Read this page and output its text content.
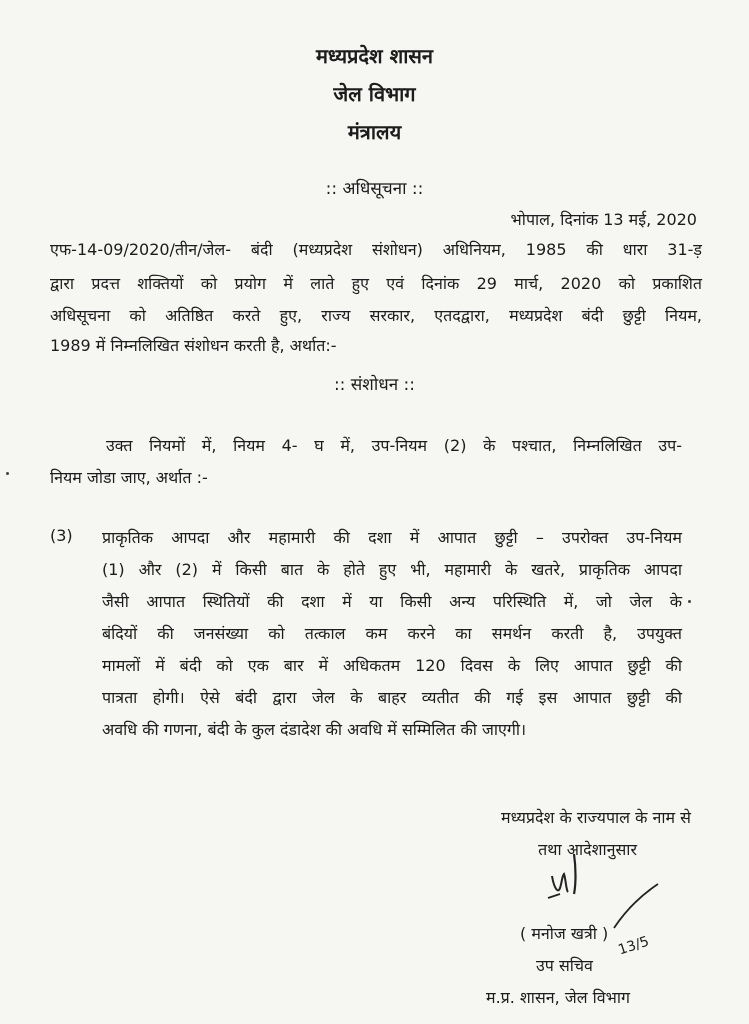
मध्यप्रदेश शासन
जेल विभाग
मंत्रालय
:: अधिसूचना ::
भोपाल, दिनांक 13 मई, 2020
एफ-14-09/2020/तीन/जेल- बंदी (मध्यप्रदेश संशोधन) अधिनियम, 1985 की धारा 31-ड़
द्वारा प्रदत्त शक्तियों को प्रयोग में लाते हुए एवं दिनांक 29 मार्च, 2020 को प्रकाशित
अधिसूचना को अतिष्ठित करते हुए, राज्य सरकार, एतदद्वारा, मध्यप्रदेश बंदी छुट्टी नियम,
1989 में निम्नलिखित संशोधन करती है, अर्थात:-
:: संशोधन ::
उक्त नियमों में, नियम 4- घ में, उप-नियम (2) के पश्चात, निम्नलिखित उप-
नियम जोडा जाए, अर्थात :-
(3) प्राकृतिक आपदा और महामारी की दशा में आपात छुट्टी – उपरोक्त उप-नियम
(1) और (2) में किसी बात के होते हुए भी, महामारी के खतरे, प्राकृतिक आपदा
जैसी आपात स्थितियों की दशा में या किसी अन्य परिस्थिति में, जो जेल के
बंदियों की जनसंख्या को तत्काल कम करने का समर्थन करती है, उपयुक्त
मामलों में बंदी को एक बार में अधिकतम 120 दिवस के लिए आपात छुट्टी की
पात्रता होगी। ऐसे बंदी द्वारा जेल के बाहर व्यतीत की गई इस आपात छुट्टी की
अवधि की गणना, बंदी के कुल दंडादेश की अवधि में सम्मिलित की जाएगी।
मध्यप्रदेश के राज्यपाल के नाम से
तथा आदेशानुसार
( मनोज खत्री )
उप सचिव
13/5
म.प्र. शासन, जेल विभाग
